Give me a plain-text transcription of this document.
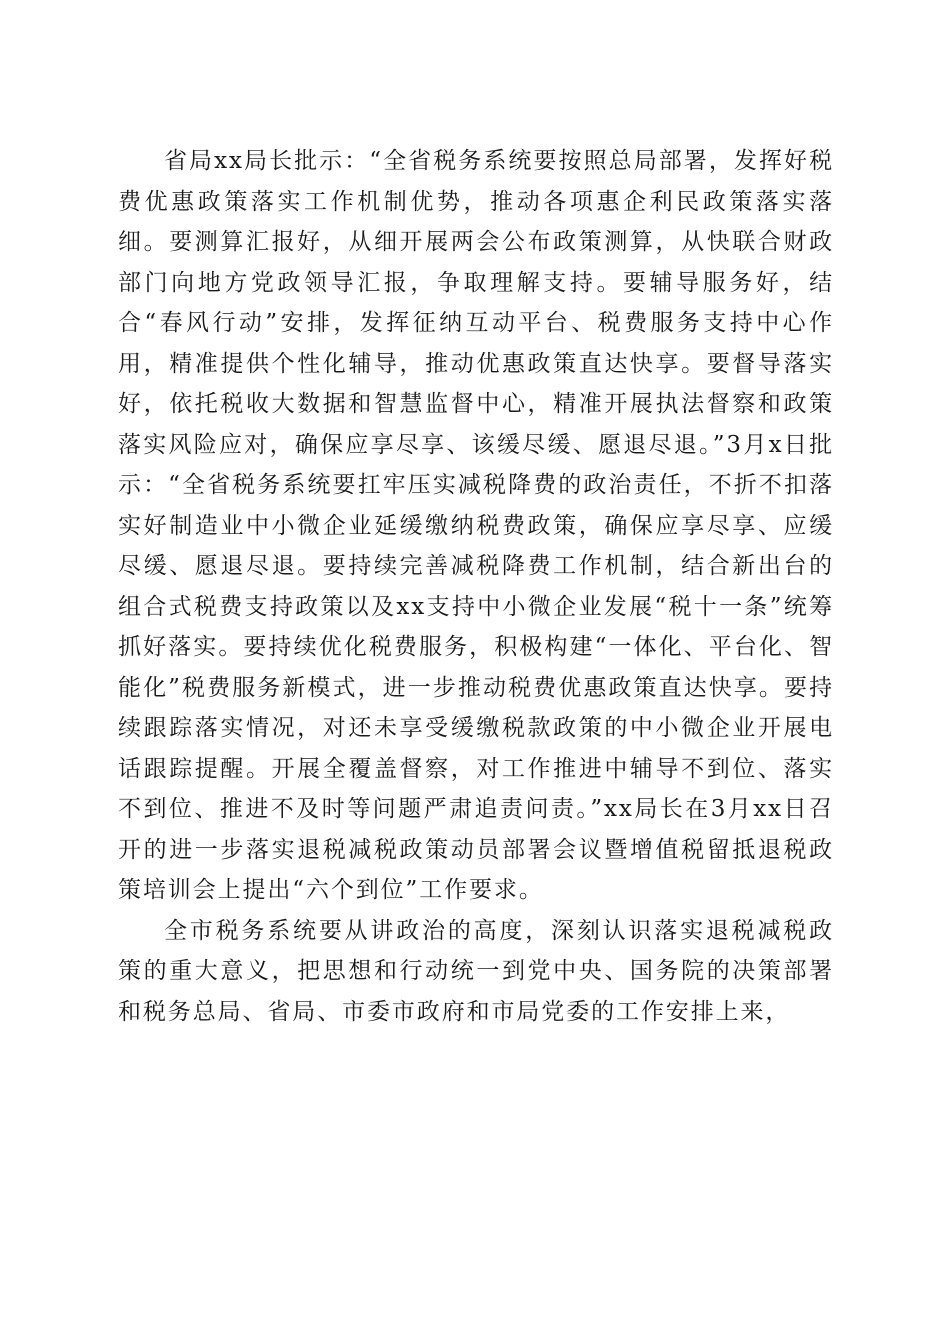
省局xx局长批示：“全省税务系统要按照总局部署，发挥好税费优惠政策落实工作机制优势，推动各项惠企利民政策落实落细。要测算汇报好，从细开展两会公布政策测算，从快联合财政部门向地方党政领导汇报，争取理解支持。要辅导服务好，结合“春风行动”安排，发挥征纳互动平台、税费服务支持中心作用，精准提供个性化辅导，推动优惠政策直达快享。要督导落实好，依托税收大数据和智慧监督中心，精准开展执法督察和政策落实风险应对，确保应享尽享、该缓尽缓、愿退尽退。”3月x日批示：“全省税务系统要扛牢压实减税降费的政治责任，不折不扣落实好制造业中小微企业延缓缴纳税费政策，确保应享尽享、应缓尽缓、愿退尽退。要持续完善减税降费工作机制，结合新出台的组合式税费支持政策以及xx支持中小微企业发展“税十一条”统筹抓好落实。要持续优化税费服务，积极构建“一体化、平台化、智能化”税费服务新模式，进一步推动税费优惠政策直达快享。要持续跟踪落实情况，对还未享受缓缴税款政策的中小微企业开展电话跟踪提醒。开展全覆盖督察，对工作推进中辅导不到位、落实不到位、推进不及时等问题严肃追责问责。”xx局长在3月xx日召开的进一步落实退税减税政策动员部署会议暨增值税留抵退税政策培训会上提出“六个到位”工作要求。

全市税务系统要从讲政治的高度，深刻认识落实退税减税政策的重大意义，把思想和行动统一到党中央、国务院的决策部署和税务总局、省局、市委市政府和市局党委的工作安排上来，
